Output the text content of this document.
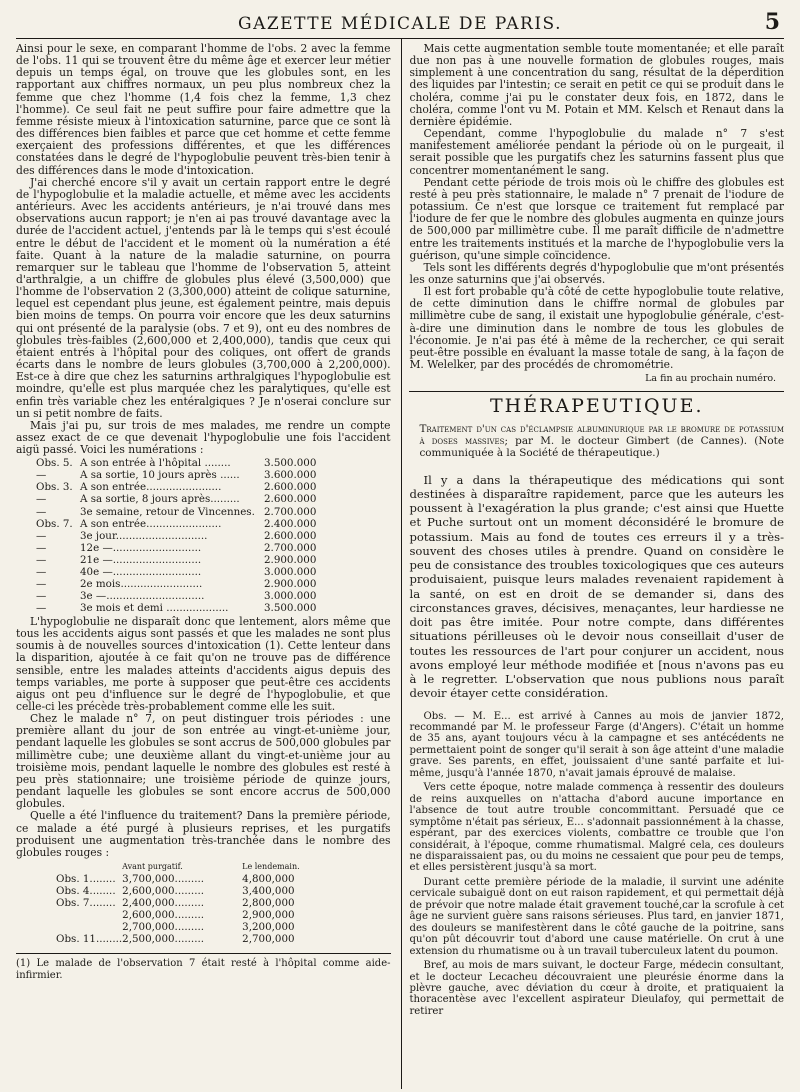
GAZETTE MÉDICALE DE PARIS.	5

Ainsi pour le sexe, en comparant l'homme de l'obs. 2 avec la femme de l'obs. 11 qui se trouvent être du même âge et exercer leur métier depuis un temps égal, on trouve que les globules sont, en les rapportant aux chiffres normaux, un peu plus nombreux chez la femme que chez l'homme (1,4 fois chez la femme, 1,3 chez l'homme). Ce seul fait ne peut suffire pour faire admettre que la femme résiste mieux à l'intoxication saturnine, parce que ce sont là des différences bien faibles et parce que cet homme et cette femme exerçaient des professions différentes, et que les différences constatées dans le degré de l'hypoglobulie peuvent très-bien tenir à des différences dans le mode d'intoxication.

J'ai cherché encore s'il y avait un certain rapport entre le degré de l'hypoglobulie et la maladie actuelle, et même avec les accidents antérieurs. Avec les accidents antérieurs, je n'ai trouvé dans mes observations aucun rapport; je n'en ai pas trouvé davantage avec la durée de l'accident actuel, j'entends par là le temps qui s'est écoulé entre le début de l'accident et le moment où la numération a été faite. Quant à la nature de la maladie saturnine, on pourra remarquer sur le tableau que l'homme de l'observation 5, atteint d'arthralgie, a un chiffre de globules plus élevé (3,500,000) que l'homme de l'observation 2 (3,300,000) atteint de colique saturnine, lequel est cependant plus jeune, est également peintre, mais depuis bien moins de temps. On pourra voir encore que les deux saturnins qui ont présenté de la paralysie (obs. 7 et 9), ont eu des nombres de globules très-faibles (2,600,000 et 2,400,000), tandis que ceux qui étaient entrés à l'hôpital pour des coliques, ont offert de grands écarts dans le nombre de leurs globules (3,700,000 à 2,200,000). Est-ce à dire que chez les saturnins arthralgiques l'hypoglobulie est moindre, qu'elle est plus marquée chez les paralytiques, qu'elle est enfin très variable chez les entéralgiques ? Je n'oserai conclure sur un si petit nombre de faits.

Mais j'ai pu, sur trois de mes malades, me rendre un compte assez exact de ce que devenait l'hypoglobulie une fois l'accident aigü passé. Voici les numérations :

Obs. 5.	A son entrée à l'hôpital ........	3.500.000
—	A sa sortie, 10 jours après ......	3.600.000
Obs. 3.	A son entrée.......................	2.600.000
—	A sa sortie, 8 jours après.........	2.600.000
—	3e semaine, retour de Vincennes.	2.700.000
Obs. 7.	A son entrée.......................	2.400.000
—	3e jour............................	2.600.000
—	12e —...........................	2.700.000
—	21e —...........................	2.900.000
—	40e —...........................	3.000.000
—	2e mois.........................	2.900.000
—	3e —..............................	3.000.000
—	3e mois et demi ...................	3.500.000

L'hypoglobulie ne disparaît donc que lentement, alors même que tous les accidents aigus sont passés et que les malades ne sont plus soumis à de nouvelles sources d'intoxication (1). Cette lenteur dans la disparition, ajoutée à ce fait qu'on ne trouve pas de différence sensible, entre les malades atteints d'accidents aigus depuis des temps variables, me porte à supposer que peut-être ces accidents aigus ont peu d'influence sur le degré de l'hypoglobulie, et que celle-ci les précède très-probablement comme elle les suit.

Chez le malade n° 7, on peut distinguer trois périodes : une première allant du jour de son entrée au vingt-et-unième jour, pendant laquelle les globules se sont accrus de 500,000 globules par millimètre cube; une deuxième allant du vingt-et-unième jour au troisième mois, pendant laquelle le nombre des globules est resté à peu près stationnaire; une troisième période de quinze jours, pendant laquelle les globules se sont encore accrus de 500,000 globules.

Quelle a été l'influence du traitement? Dans la première période, ce malade a été purgé à plusieurs reprises, et les purgatifs produisent une augmentation très-tranchée dans le nombre des globules rouges :

	Avant purgatif.	Le lendemain.
Obs. 1........	3,700,000.........	4,800,000
Obs. 4........	2,600,000.........	3,400,000
Obs. 7........	2,400,000.........	2,800,000
	2,600,000.........	2,900,000
	2,700,000.........	3,200,000
Obs. 11........	2,500,000.........	2,700,000

(1) Le malade de l'observation 7 était resté à l'hôpital comme aide-infirmier.

Mais cette augmentation semble toute momentanée; et elle paraît due non pas à une nouvelle formation de globules rouges, mais simplement à une concentration du sang, résultat de la déperdition des liquides par l'intestin; ce serait en petit ce qui se produit dans le choléra, comme j'ai pu le constater deux fois, en 1872, dans le choléra, comme l'ont vu M. Potain et MM. Kelsch et Renaut dans la dernière épidémie.

Cependant, comme l'hypoglobulie du malade n° 7 s'est manifestement améliorée pendant la période où on le purgeait, il serait possible que les purgatifs chez les saturnins fassent plus que concentrer momentanément le sang.

Pendant cette période de trois mois où le chiffre des globules est resté à peu près stationnaire, le malade n° 7 prenait de l'iodure de potassium. Ce n'est que lorsque ce traitement fut remplacé par l'iodure de fer que le nombre des globules augmenta en quinze jours de 500,000 par millimètre cube. Il me paraît difficile de n'admettre entre les traitements institués et la marche de l'hypoglobulie vers la guérison, qu'une simple coïncidence.

Tels sont les différents degrés d'hypoglobulie que m'ont présentés les onze saturnins que j'ai observés.

Il est fort probable qu'à côté de cette hypoglobulie toute relative, de cette diminution dans le chiffre normal de globules par millimètre cube de sang, il existait une hypoglobulie générale, c'est-à-dire une diminution dans le nombre de tous les globules de l'économie. Je n'ai pas été à même de la rechercher, ce qui serait peut-être possible en évaluant la masse totale de sang, à la façon de M. Welelker, par des procédés de chromométrie.

La fin au prochain numéro.
THÉRAPEUTIQUE.
Traitement d'un cas d'éclampsie albuminurique par le bromure de potassium à doses massives; par M. le docteur Gimbert (de Cannes). (Note communiquée à la Société de thérapeutique.)

Il y a dans la thérapeutique des médications qui sont destinées à disparaître rapidement, parce que les auteurs les poussent à l'exagération la plus grande; c'est ainsi que Huette et Puche surtout ont un moment déconsidéré le bromure de potassium. Mais au fond de toutes ces erreurs il y a très-souvent des choses utiles à prendre. Quand on considère le peu de consistance des troubles toxicologiques que ces auteurs produisaient, puisque leurs malades revenaient rapidement à la santé, on est en droit de se demander si, dans des circonstances graves, décisives, menaçantes, leur hardiesse ne doit pas être imitée. Pour notre compte, dans différentes situations périlleuses où le devoir nous conseillait d'user de toutes les ressources de l'art pour conjurer un accident, nous avons employé leur méthode modifiée et [nous n'avons pas eu à le regretter. L'observation que nous publions nous paraît devoir étayer cette considération.

Obs. — M. E... est arrivé à Cannes au mois de janvier 1872, recommandé par M. le professeur Farge (d'Angers). C'était un homme de 35 ans, ayant toujours vécu à la campagne et ses antécédents ne permettaient point de songer qu'il serait à son âge atteint d'une maladie grave. Ses parents, en effet, jouissaient d'une santé parfaite et lui-même, jusqu'à l'année 1870, n'avait jamais éprouvé de malaise.

Vers cette époque, notre malade commença à ressentir des douleurs de reins auxquelles on n'attacha d'abord aucune importance en l'absence de tout autre trouble concommittant. Persuadé que ce symptôme n'était pas sérieux, E... s'adonnait passionnément à la chasse, espérant, par des exercices violents, combattre ce trouble que l'on considérait, à l'époque, comme rhumatismal. Malgré cela, ces douleurs ne disparaissaient pas, ou du moins ne cessaient que pour peu de temps, et elles persistèrent jusqu'à sa mort.

Durant cette première période de la maladie, il survint une adénite cervicale subaiguë dont on eut raison rapidement, et qui permettait déjà de prévoir que notre malade était gravement touché,car la scrofule à cet âge ne survient guère sans raisons sérieuses. Plus tard, en janvier 1871, des douleurs se manifestèrent dans le côté gauche de la poitrine, sans qu'on pût découvrir tout d'abord une cause matérielle. On crut à une extension du rhumatisme ou à un travail tuberculeux latent du poumon.

Bref, au mois de mars suivant, le docteur Farge, médecin consultant, et le docteur Lecacheu découvraient une pleurésie énorme dans la plèvre gauche, avec déviation du cœur à droite, et pratiquaient la thoracentèse avec l'excellent aspirateur Dieulafoy, qui permettait de retirer
